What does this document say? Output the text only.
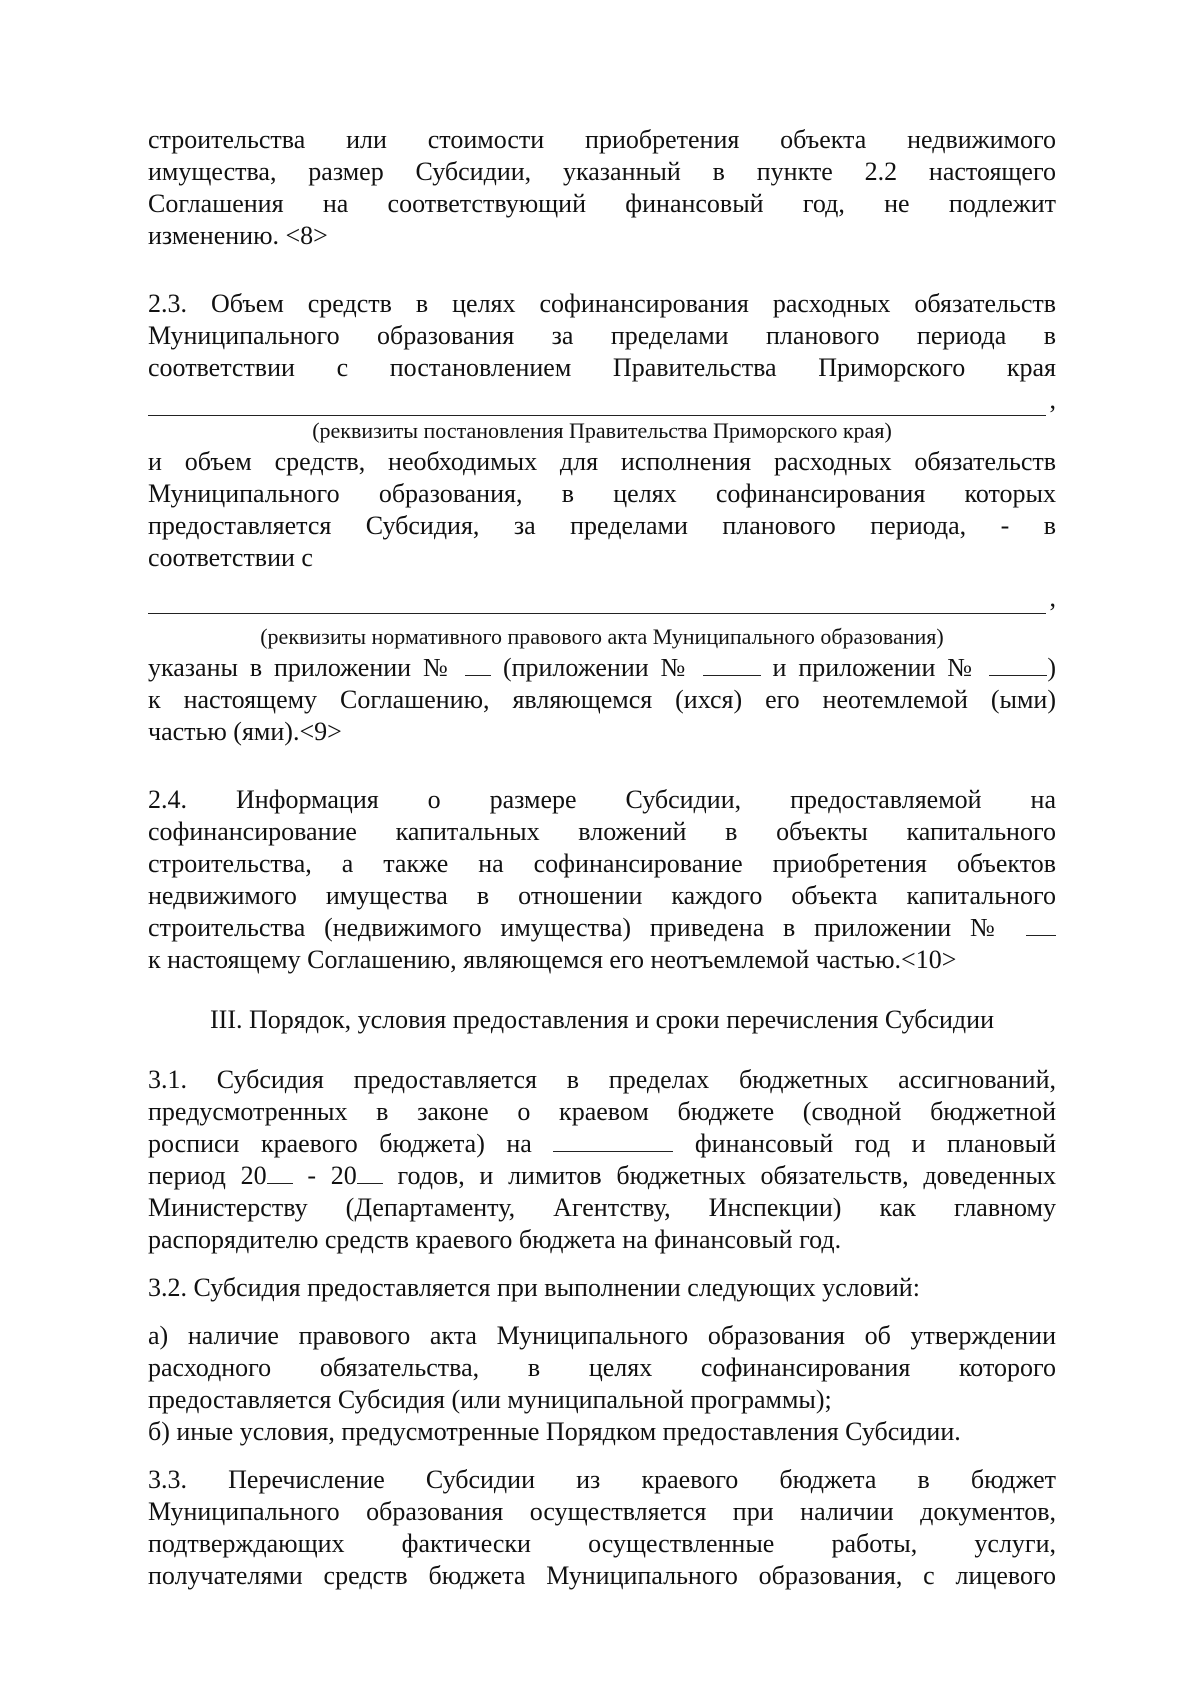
строительства или стоимости приобретения объекта недвижимого

имущества, размер Субсидии, указанный в пункте 2.2 настоящего

Соглашения на соответствующий финансовый год, не подлежит

изменению. <8>

2.3. Объем средств в целях софинансирования расходных обязательств

Муниципального образования за пределами планового периода в

соответствии с постановлением Правительства Приморского края

,

(реквизиты постановления Правительства Приморского края)

и объем средств, необходимых для исполнения расходных обязательств

Муниципального образования, в целях софинансирования которых

предоставляется Субсидия, за пределами планового периода, - в

соответствии с

,

(реквизиты нормативного правового акта Муниципального образования)

указаны в приложении № (приложении №	и приложении №	)

к настоящему Соглашению, являющемся (ихся) его неотемлемой (ыми)

частью (ями).<9>

2.4. Информация о размере Субсидии, предоставляемой на

софинансирование капитальных вложений в объекты капитального

строительства, а также на софинансирование приобретения объектов

недвижимого имущества в отношении каждого объекта капитального

строительства (недвижимого имущества) приведена в приложении №

к настоящему Соглашению, являющемся его неотъемлемой частью.<10>

III. Порядок, условия предоставления и сроки перечисления Субсидии

3.1. Субсидия предоставляется в пределах бюджетных ассигнований,

предусмотренных в законе о краевом бюджете (сводной бюджетной

росписи краевого бюджета) на	финансовый год и плановый

период 20 - 20 годов, и лимитов бюджетных обязательств, доведенных

Министерству (Департаменту, Агентству, Инспекции) как главному

распорядителю средств краевого бюджета на финансовый год.

3.2. Субсидия предоставляется при выполнении следующих условий:

а) наличие правового акта Муниципального образования об утверждении

расходного обязательства, в целях софинансирования которого

предоставляется Субсидия (или муниципальной программы);

б) иные условия, предусмотренные Порядком предоставления Субсидии.

3.3. Перечисление Субсидии из краевого бюджета в бюджет

Муниципального образования осуществляется при наличии документов,

подтверждающих фактически осуществленные работы, услуги,

получателями средств бюджета Муниципального образования, с лицевого
